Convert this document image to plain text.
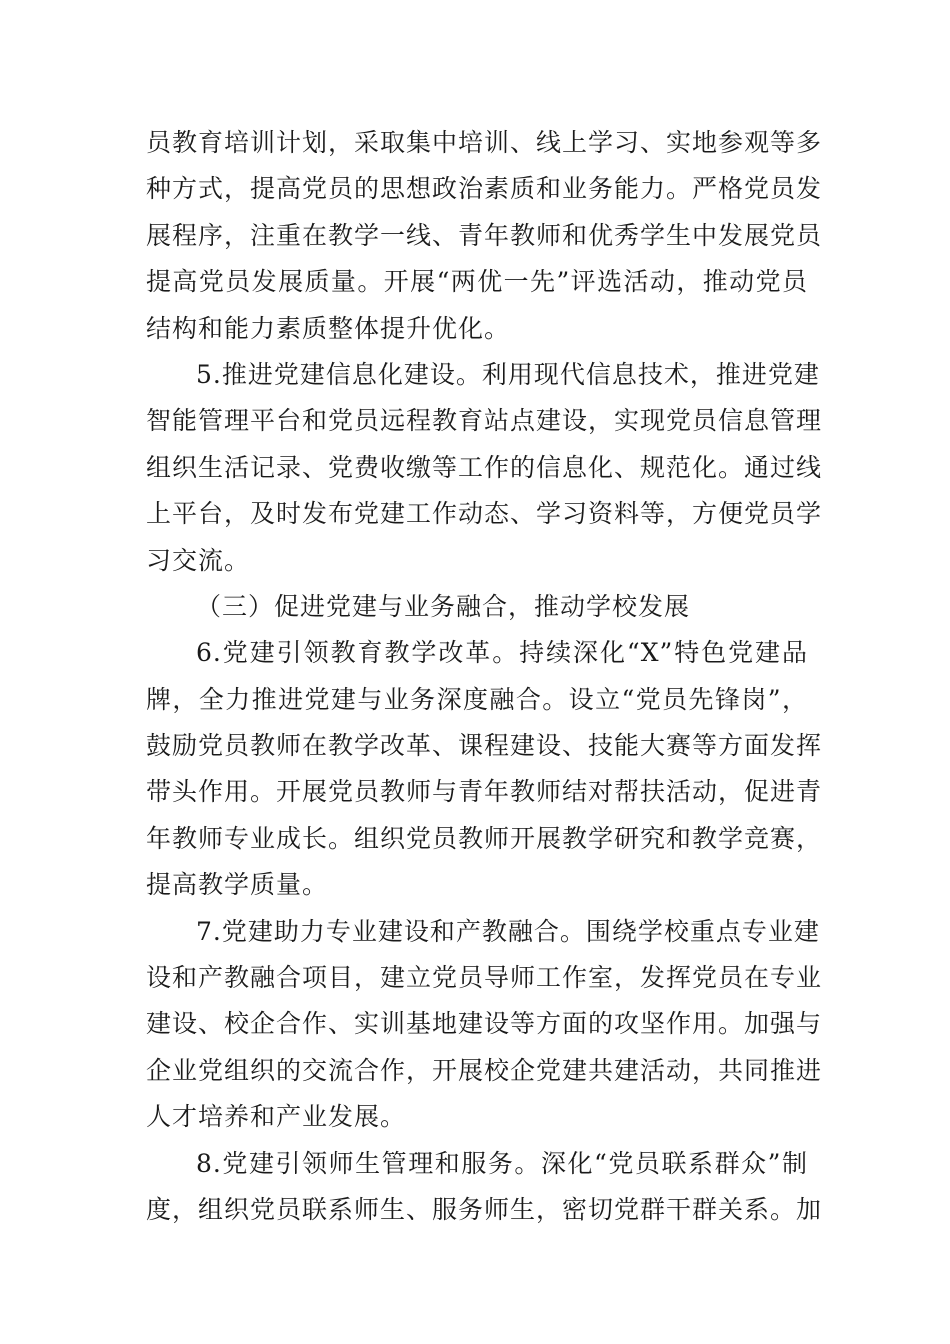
员教育培训计划，采取集中培训、线上学习、实地参观等多
种方式，提高党员的思想政治素质和业务能力。严格党员发
展程序，注重在教学一线、青年教师和优秀学生中发展党员
提高党员发展质量。开展“两优一先”评选活动，推动党员
结构和能力素质整体提升优化。
5.推进党建信息化建设。利用现代信息技术，推进党建
智能管理平台和党员远程教育站点建设，实现党员信息管理
组织生活记录、党费收缴等工作的信息化、规范化。通过线
上平台，及时发布党建工作动态、学习资料等，方便党员学
习交流。
（三）促进党建与业务融合，推动学校发展
6.党建引领教育教学改革。持续深化“X”特色党建品
牌，全力推进党建与业务深度融合。设立“党员先锋岗”，
鼓励党员教师在教学改革、课程建设、技能大赛等方面发挥
带头作用。开展党员教师与青年教师结对帮扶活动，促进青
年教师专业成长。组织党员教师开展教学研究和教学竞赛，
提高教学质量。
7.党建助力专业建设和产教融合。围绕学校重点专业建
设和产教融合项目，建立党员导师工作室，发挥党员在专业
建设、校企合作、实训基地建设等方面的攻坚作用。加强与
企业党组织的交流合作，开展校企党建共建活动，共同推进
人才培养和产业发展。
8.党建引领师生管理和服务。深化“党员联系群众”制
度，组织党员联系师生、服务师生，密切党群干群关系。加
